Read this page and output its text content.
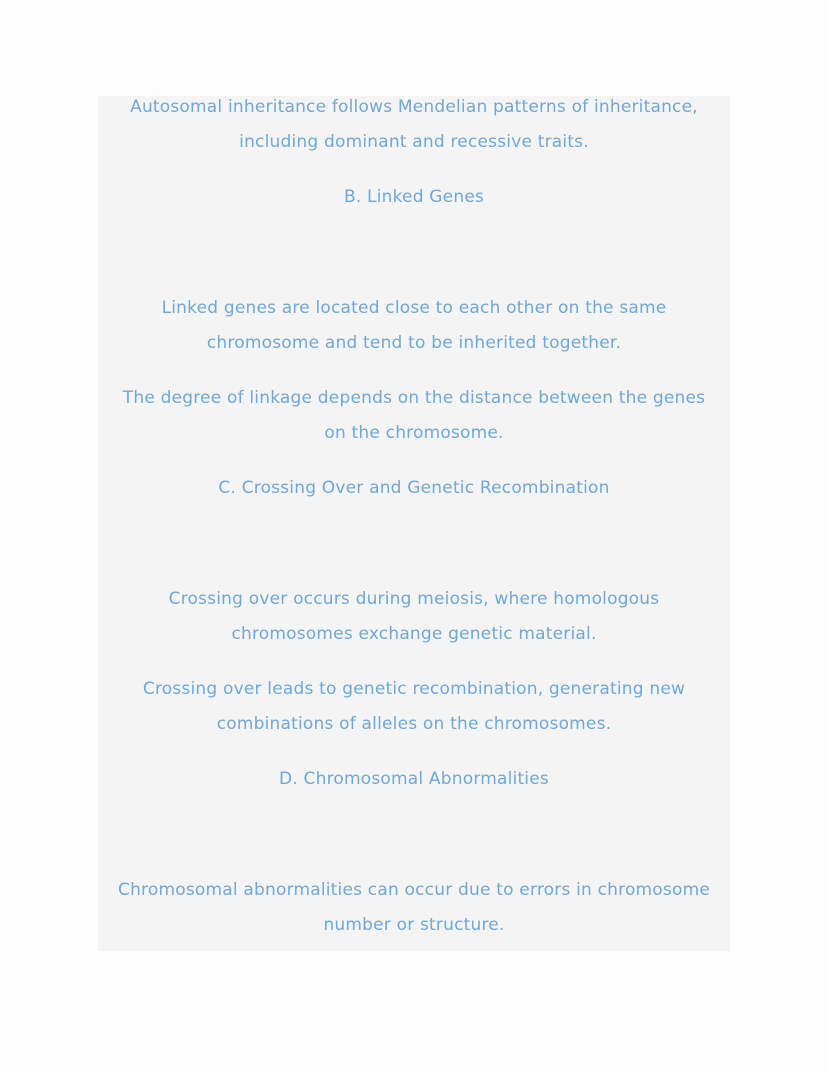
Autosomal inheritance follows Mendelian patterns of inheritance,
including dominant and recessive traits.
B. Linked Genes
Linked genes are located close to each other on the same
chromosome and tend to be inherited together.
The degree of linkage depends on the distance between the genes
on the chromosome.
C. Crossing Over and Genetic Recombination
Crossing over occurs during meiosis, where homologous
chromosomes exchange genetic material.
Crossing over leads to genetic recombination, generating new
combinations of alleles on the chromosomes.
D. Chromosomal Abnormalities
Chromosomal abnormalities can occur due to errors in chromosome
number or structure.
